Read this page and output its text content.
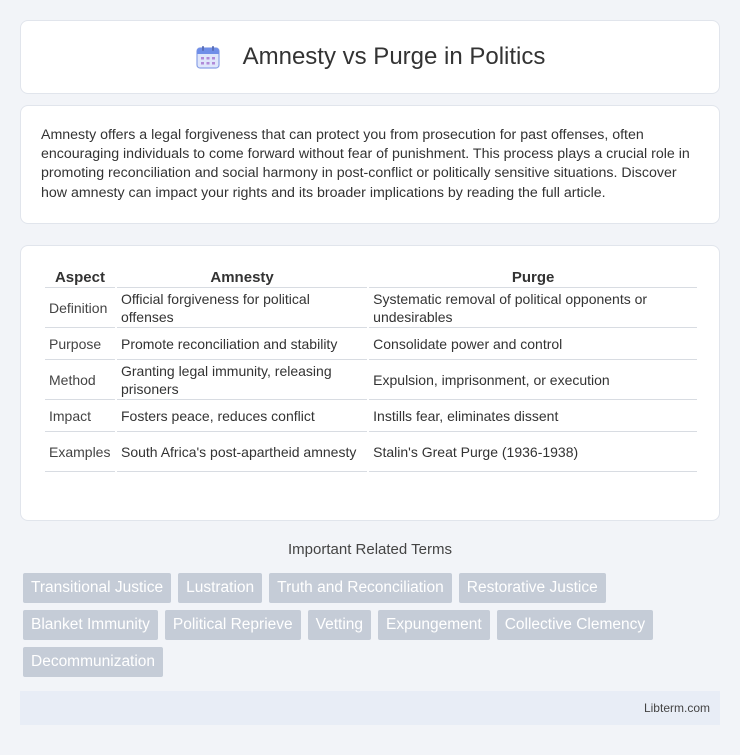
Amnesty vs Purge in Politics

Amnesty offers a legal forgiveness that can protect you from prosecution for past offenses, often encouraging individuals to come forward without fear of punishment. This process plays a crucial role in promoting reconciliation and social harmony in post-conflict or politically sensitive situations. Discover how amnesty can impact your rights and its broader implications by reading the full article.

Aspect	Amnesty	Purge
Definition	Official forgiveness for political offenses	Systematic removal of political opponents or undesirables
Purpose	Promote reconciliation and stability	Consolidate power and control
Method	Granting legal immunity, releasing prisoners	Expulsion, imprisonment, or execution
Impact	Fosters peace, reduces conflict	Instills fear, eliminates dissent
Examples	South Africa's post-apartheid amnesty	Stalin's Great Purge (1936-1938)
Important Related Terms
Transitional Justice	Lustration	Truth and Reconciliation	Restorative Justice
Blanket Immunity	Political Reprieve	Vetting	Expungement	Collective Clemency
Decommunization
Libterm.com
